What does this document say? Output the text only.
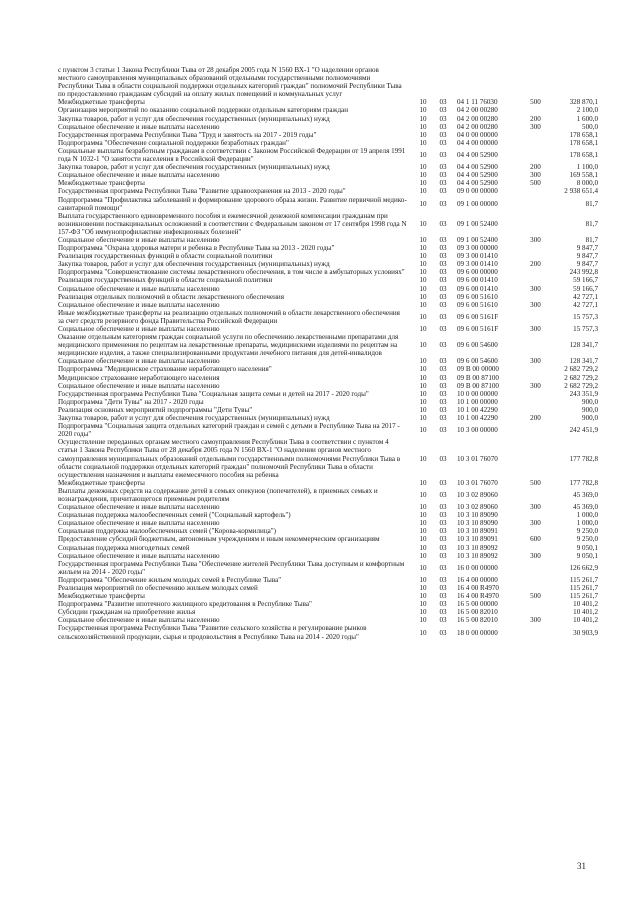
с пунктом 3 статьи 1 Закона Республики Тыва от 28 декабря 2005 года N 1560 ВХ-1 "О наделении органов местного самоуправления муниципальных образований отдельными государственными полномочиями Республики Тыва в области социальной поддержки отдельных категорий граждан" полномочий Республики Тыва по предоставлению гражданам субсидий на оплату жилых помещений и коммунальных услуг					
Межбюджетные трансферты	10	03	04 1 11 76030	500	328 870,1
Организация мероприятий по оказанию социальной поддержки отдельным категориям граждан	10	03	04 2 00 00280		2 100,0
Закупка товаров, работ и услуг для обеспечения государственных (муниципальных) нужд	10	03	04 2 00 00280	200	1 600,0
Социальное обеспечение и иные выплаты населению	10	03	04 2 00 00280	300	500,0
Государственная программа Республики Тыва "Труд и занятость на 2017 - 2019 годы"	10	03	04 0 00 00000		178 658,1
Подпрограмма "Обеспечение социальной поддержки безработных граждан"	10	03	04 4 00 00000		178 658,1
Социальные выплаты безработным гражданам в соответствии с Законом Российской Федерации от 19 апреля 1991 года N 1032-1 "О занятости населения в Российской Федерации"	10	03	04 4 00 52900		178 658,1
Закупка товаров, работ и услуг для обеспечения государственных (муниципальных) нужд	10	03	04 4 00 52900	200	1 100,0
Социальное обеспечение и иные выплаты населению	10	03	04 4 00 52900	300	169 558,1
Межбюджетные трансферты	10	03	04 4 00 52900	500	8 000,0
Государственная программа Республики Тыва "Развитие здравоохранения на 2013 - 2020 годы"	10	03	09 0 00 00000		2 938 651,4
Подпрограмма "Профилактика заболеваний и формирование здорового образа жизни. Развитие первичной медико-санитарной помощи"	10	03	09 1 00 00000		81,7
Выплата государственного единовременного пособия и ежемесячной денежной компенсации гражданам при возникновении поствакцинальных осложнений в соответствии с Федеральным законом от 17 сентября 1998 года N 157-ФЗ "Об иммунопрофилактике инфекционных болезней"	10	03	09 1 00 52400		81,7
Социальное обеспечение и иные выплаты населению	10	03	09 1 00 52400	300	81,7
Подпрограмма "Охрана здоровья матери и ребенка в Республике Тыва на 2013 - 2020 годы"	10	03	09 3 00 00000		9 847,7
Реализация государственных функций в области социальной политики	10	03	09 3 00 01410		9 847,7
Закупка товаров, работ и услуг для обеспечения государственных (муниципальных) нужд	10	03	09 3 00 01410	200	9 847,7
Подпрограмма "Совершенствование системы лекарственного обеспечения, в том числе в амбулаторных условиях"	10	03	09 6 00 00000		243 992,8
Реализация государственных функций в области социальной политики	10	03	09 6 00 01410		59 166,7
Социальное обеспечение и иные выплаты населению	10	03	09 6 00 01410	300	59 166,7
Реализация отдельных полномочий в области лекарственного обеспечения	10	03	09 6 00 51610		42 727,1
Социальное обеспечение и иные выплаты населению	10	03	09 6 00 51610	300	42 727,1
Иные межбюджетные трансферты на реализацию отдельных полномочий в области лекарственного обеспечения за счет средств резервного фонда Правительства Российской Федерации	10	03	09 6 00 5161F		15 757,3
Социальное обеспечение и иные выплаты населению	10	03	09 6 00 5161F	300	15 757,3
Оказание отдельным категориям граждан социальной услуги по обеспечению лекарственными препаратами для медицинского применения по рецептам на лекарственные препараты, медицинскими изделиями по рецептам на медицинские изделия, а также специализированными продуктами лечебного питания для детей-инвалидов	10	03	09 6 00 54600		128 341,7
Социальное обеспечение и иные выплаты населению	10	03	09 6 00 54600	300	128 341,7
Подпрограмма "Медицинское страхование неработающего населения"	10	03	09 В 00 00000		2 682 729,2
Медицинское страхование неработающего населения	10	03	09 В 00 87100		2 682 729,2
Социальное обеспечение и иные выплаты населению	10	03	09 В 00 87100	300	2 682 729,2
Государственная программа Республики Тыва "Социальная защита семьи и детей на 2017 - 2020 годы"	10	03	10 0 00 00000		243 351,9
Подпрограмма "Дети Тувы" на 2017 - 2020 годы	10	03	10 1 00 00000		900,0
Реализация основных мероприятий подпрограммы "Дети Тувы"	10	03	10 1 00 42290		900,0
Закупка товаров, работ и услуг для обеспечения государственных (муниципальных) нужд	10	03	10 1 00 42290	200	900,0
Подпрограмма "Социальная защита отдельных категорий граждан и семей с детьми в Республике Тыва на 2017 - 2020 годы"	10	03	10 3 00 00000		242 451,9
Осуществление переданных органам местного самоуправления Республики Тыва в соответствии с пунктом 4 статьи 1 Закона Республики Тыва от 28 декабря 2005 года N 1560 ВХ-1 "О наделении органов местного самоуправления муниципальных образований отдельными государственными полномочиями Республики Тыва в области социальной поддержки отдельных категорий граждан" полномочий Республики Тыва в области осуществления назначения и выплаты ежемесячного пособия на ребенка	10	03	10 3 01 76070		177 782,8
Межбюджетные трансферты	10	03	10 3 01 76070	500	177 782,8
Выплаты денежных средств на содержание детей в семьях опекунов (попечителей), в приемных семьях и вознаграждения, причитающегося приемным родителям	10	03	10 3 02 89060		45 369,0
Социальное обеспечение и иные выплаты населению	10	03	10 3 02 89060	300	45 369,0
Социальная поддержка малообеспеченных семей ("Социальный картофель")	10	03	10 3 10 89090		1 000,0
Социальное обеспечение и иные выплаты населению	10	03	10 3 10 89090	300	1 000,0
Социальная поддержка малообеспеченных семей ("Корова-кормилица")	10	03	10 3 10 89091		9 250,0
Предоставление субсидий бюджетным, автономным учреждениям и иным некоммерческим организациям	10	03	10 3 10 89091	600	9 250,0
Социальная поддержка многодетных семей	10	03	10 3 10 89092		9 050,1
Социальное обеспечение и иные выплаты населению	10	03	10 3 10 89092	300	9 050,1
Государственная программа Республики Тыва "Обеспечение жителей Республики Тыва доступным и комфортным жильем на 2014 - 2020 годы"	10	03	16 0 00 00000		126 662,9
Подпрограмма "Обеспечение жильем молодых семей в Республике Тыва"	10	03	16 4 00 00000		115 261,7
Реализация мероприятий по обеспечению жильем молодых семей	10	03	16 4 00 R4970		115 261,7
Межбюджетные трансферты	10	03	16 4 00 R4970	500	115 261,7
Подпрограмма "Развитие ипотечного жилищного кредитования в Республике Тыва"	10	03	16 5 00 00000		10 401,2
Субсидии гражданам на приобретение жилья	10	03	16 5 00 82010		10 401,2
Социальное обеспечение и иные выплаты населению	10	03	16 5 00 82010	300	10 401,2
Государственная программа Республики Тыва "Развитие сельского хозяйства и регулирование рынков сельскохозяйственной продукции, сырья и продовольствия в Республике Тыва на 2014 - 2020 годы"	10	03	18 0 00 00000		30 903,9
31
